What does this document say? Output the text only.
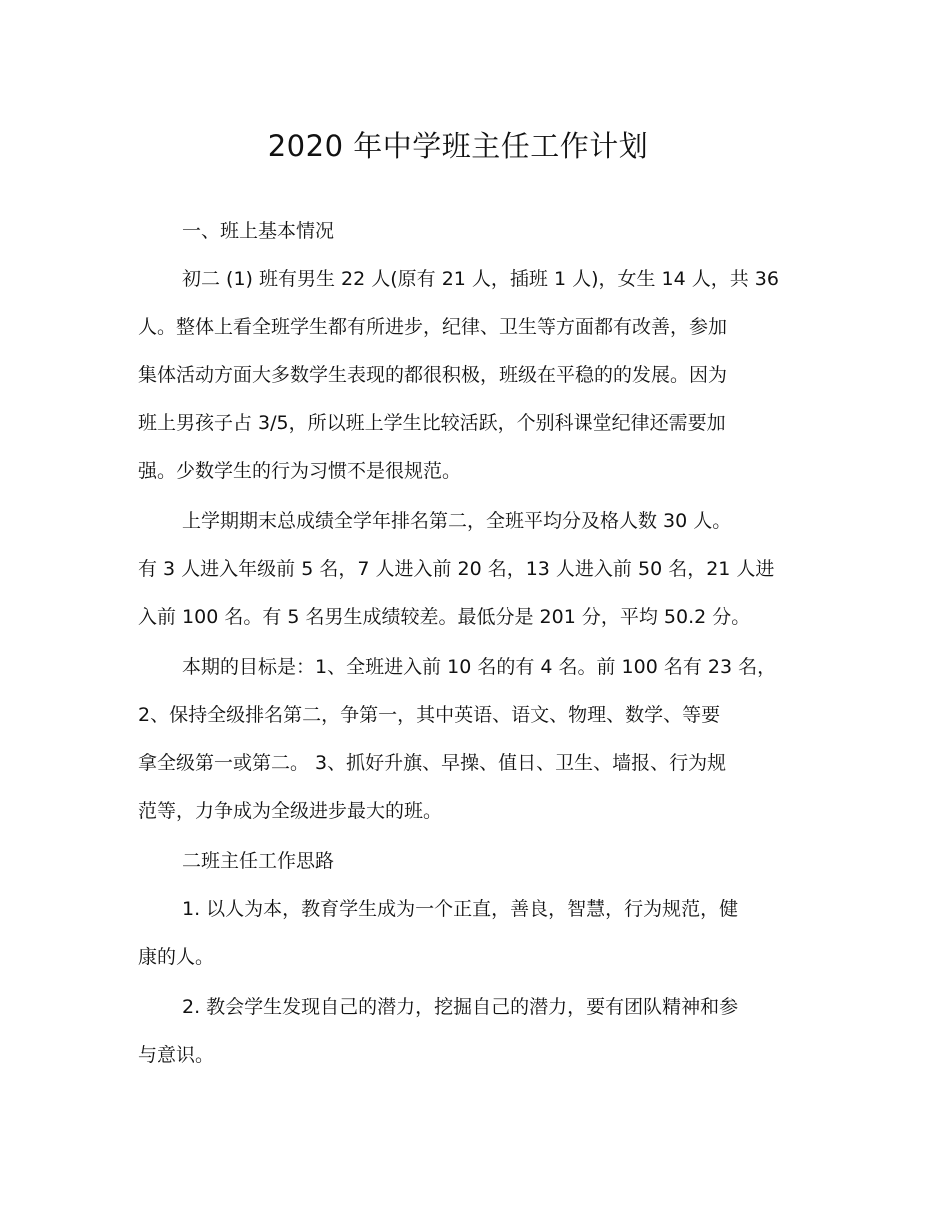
2020 年中学班主任工作计划
一、班上基本情况
初二 (1) 班有男生 22 人(原有 21 人，插班 1 人)，女生 14 人，共 36
人。整体上看全班学生都有所进步，纪律、卫生等方面都有改善，参加
集体活动方面大多数学生表现的都很积极，班级在平稳的的发展。因为
班上男孩子占 3/5，所以班上学生比较活跃，个别科课堂纪律还需要加
强。少数学生的行为习惯不是很规范。
上学期期末总成绩全学年排名第二，全班平均分及格人数 30 人。
有 3 人进入年级前 5 名，7 人进入前 20 名，13 人进入前 50 名，21 人进
入前 100 名。有 5 名男生成绩较差。最低分是 201 分，平均 50.2 分。
本期的目标是：1、全班进入前 10 名的有 4 名。前 100 名有 23 名，
2、保持全级排名第二，争第一，其中英语、语文、物理、数学、等要
拿全级第一或第二。 3、抓好升旗、早操、值日、卫生、墙报、行为规
范等，力争成为全级进步最大的班。
二班主任工作思路
1. 以人为本，教育学生成为一个正直，善良，智慧，行为规范，健
康的人。
2. 教会学生发现自己的潜力，挖掘自己的潜力，要有团队精神和参
与意识。
